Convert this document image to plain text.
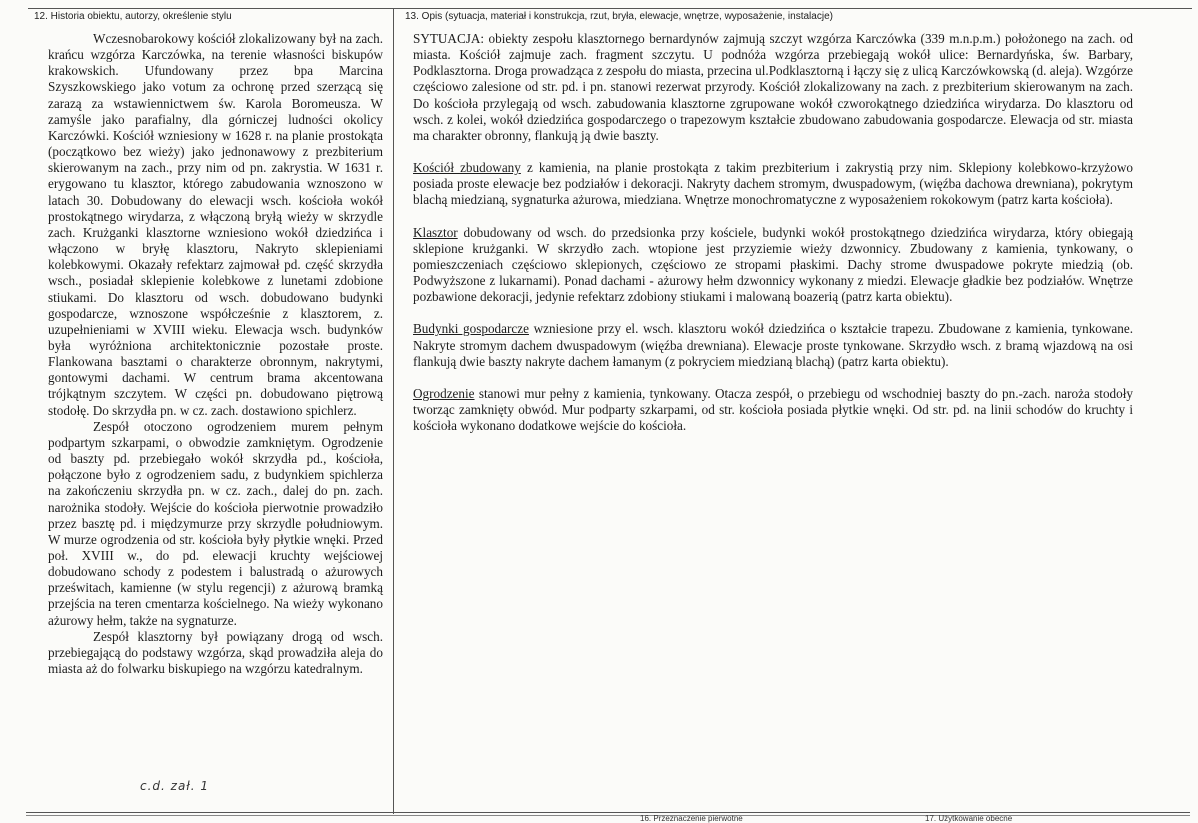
12. Historia obiektu, autorzy, określenie stylu	13. Opis (sytuacja, materiał i konstrukcja, rzut, bryła, elewacje, wnętrze, wyposażenie, instalacje)

Wczesnobarokowy kościół zlokalizowany był na zach. krańcu wzgórza Karczówka, na terenie własności biskupów krakowskich. Ufundowany przez bpa Marcina Szyszkowskiego jako votum za ochronę przed szerzącą się zarazą za wstawiennictwem św. Karola Boromeusza. W zamyśle jako parafialny, dla górniczej ludności okolicy Karczówki. Kościół wzniesiony w 1628 r. na planie prostokąta (początkowo bez wieży) jako jednonawowy z prezbiterium skierowanym na zach., przy nim od pn. zakrystia. W 1631 r. erygowano tu klasztor, którego zabudowania wznoszono w latach 30. Dobudowany do elewacji wsch. kościoła wokół prostokątnego wirydarza, z włączoną bryłą wieży w skrzydle zach. Krużganki klasztorne wzniesiono wokół dziedzińca i włączono w bryłę klasztoru, Nakryto sklepieniami kolebkowymi. Okazały refektarz zajmował pd. część skrzydła wsch., posiadał sklepienie kolebkowe z lunetami zdobione stiukami. Do klasztoru od wsch. dobudowano budynki gospodarcze, wznoszone współcześnie z klasztorem, z. uzupełnieniami w XVIII wieku. Elewacja wsch. budynków była wyróżniona architektonicznie pozostałe proste. Flankowana basztami o charakterze obronnym, nakrytymi, gontowymi dachami. W centrum brama akcentowana trójkątnym szczytem. W części pn. dobudowano piętrową stodołę. Do skrzydła pn. w cz. zach. dostawiono spichlerz.

Zespół otoczono ogrodzeniem murem pełnym podpartym szkarpami, o obwodzie zamkniętym. Ogrodzenie od baszty pd. przebiegało wokół skrzydła pd., kościoła, połączone było z ogrodzeniem sadu, z budynkiem spichlerza na zakończeniu skrzydła pn. w cz. zach., dalej do pn. zach. narożnika stodoły. Wejście do kościoła pierwotnie prowadziło przez basztę pd. i międzymurze przy skrzydle południowym. W murze ogrodzenia od str. kościoła były płytkie wnęki. Przed poł. XVIII w., do pd. elewacji kruchty wejściowej dobudowano schody z podestem i balustradą o ażurowych prześwitach, kamienne (w stylu regencji) z ażurową bramką przejścia na teren cmentarza kościelnego. Na wieży wykonano ażurowy hełm, także na sygnaturze.

Zespół klasztorny był powiązany drogą od wsch. przebiegającą do podstawy wzgórza, skąd prowadziła aleja do miasta aż do folwarku biskupiego na wzgórzu katedralnym.

c.d. zał. 1

SYTUACJA: obiekty zespołu klasztornego bernardynów zajmują szczyt wzgórza Karczówka (339 m.n.p.m.) położonego na zach. od miasta. Kościół zajmuje zach. fragment szczytu. U podnóża wzgórza przebiegają wokół ulice: Bernardyńska, św. Barbary, Podklasztorna. Droga prowadząca z zespołu do miasta, przecina ul.Podklasztorną i łączy się z ulicą Karczówkowską (d. aleja). Wzgórze częściowo zalesione od str. pd. i pn. stanowi rezerwat przyrody. Kościół zlokalizowany na zach. z prezbiterium skierowanym na zach. Do kościoła przylegają od wsch. zabudowania klasztorne zgrupowane wokół czworokątnego dziedzińca wirydarza. Do klasztoru od wsch. z kolei, wokół dziedzińca gospodarczego o trapezowym kształcie zbudowano zabudowania gospodarcze. Elewacja od str. miasta ma charakter obronny, flankują ją dwie baszty.

Kościół zbudowany z kamienia, na planie prostokąta z takim prezbiterium i zakrystią przy nim. Sklepiony kolebkowo-krzyżowo posiada proste elewacje bez podziałów i dekoracji. Nakryty dachem stromym, dwuspadowym, (więźba dachowa drewniana), pokrytym blachą miedzianą, sygnaturka ażurowa, miedziana. Wnętrze monochromatyczne z wyposażeniem rokokowym (patrz karta kościoła).

Klasztor dobudowany od wsch. do przedsionka przy kościele, budynki wokół prostokątnego dziedzińca wirydarza, który obiegają sklepione krużganki. W skrzydło zach. wtopione jest przyziemie wieży dzwonnicy. Zbudowany z kamienia, tynkowany, o pomieszczeniach częściowo sklepionych, częściowo ze stropami płaskimi. Dachy strome dwuspadowe pokryte miedzią (ob. Podwyższone z lukarnami). Ponad dachami - ażurowy hełm dzwonnicy wykonany z miedzi. Elewacje gładkie bez podziałów. Wnętrze pozbawione dekoracji, jedynie refektarz zdobiony stiukami i malowaną boazerią (patrz karta obiektu).

Budynki gospodarcze wzniesione przy el. wsch. klasztoru wokół dziedzińca o kształcie trapezu. Zbudowane z kamienia, tynkowane. Nakryte stromym dachem dwuspadowym (więźba drewniana). Elewacje proste tynkowane. Skrzydło wsch. z bramą wjazdową na osi flankują dwie baszty nakryte dachem łamanym (z pokryciem miedzianą blachą) (patrz karta obiektu).

Ogrodzenie stanowi mur pełny z kamienia, tynkowany. Otacza zespół, o przebiegu od wschodniej baszty do pn.-zach. naroża stodoły tworząc zamknięty obwód. Mur podparty szkarpami, od str. kościoła posiada płytkie wnęki. Od str. pd. na linii schodów do kruchty i kościoła wykonano dodatkowe wejście do kościoła.

16. Przeznaczenie pierwotne	17. Użytkowanie obecne
